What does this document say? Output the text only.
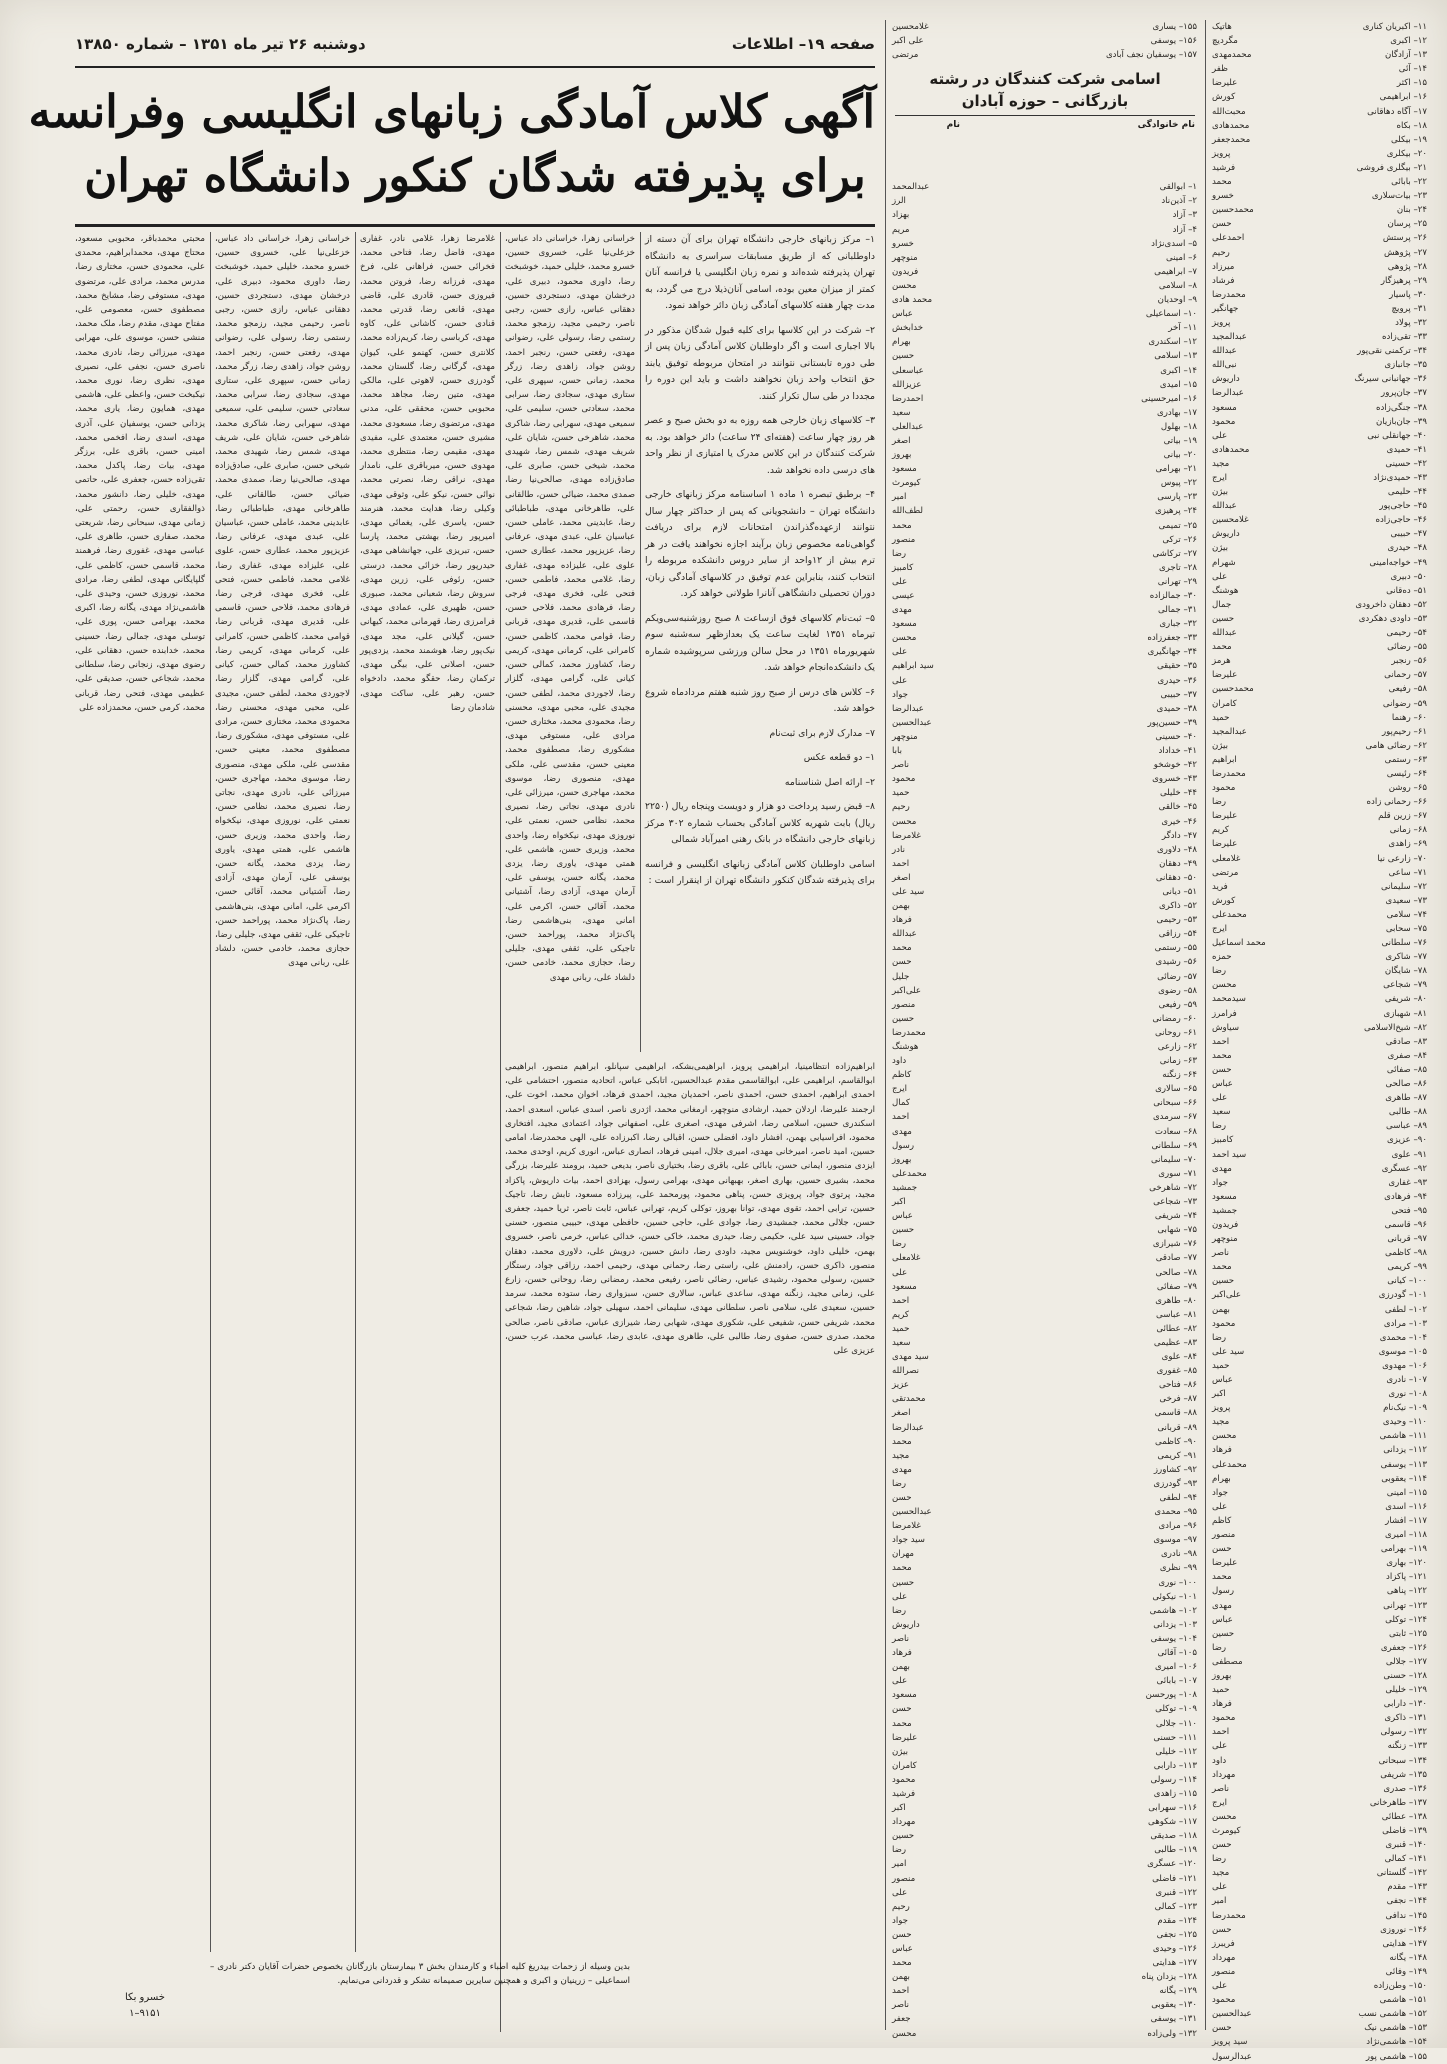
صفحه ۱۹– اطلاعات
دوشنبه ۲۶ تیر ماه ۱۳۵۱ – شماره ۱۳۸۵۰
آگهی کلاس آمادگی زبانهای انگلیسی وفرانسه
برای پذیرفته شدگان کنکور دانشگاه تهران

۱– مرکز زبانهای خارجی دانشگاه تهران برای آن دسته از داوطلبانی که از طریق مسابقات سراسری به دانشگاه تهران پذیرفته شده‌اند و نمره زبان انگلیسی یا فرانسه آنان کمتر از میزان معین بوده، اسامی آنان‌ذیلا درج می گردد، به مدت چهار هفته کلاسهای آمادگی زبان دائر خواهد نمود.

۲– شرکت در این کلاسها برای کلیه قبول شدگان مذکور در بالا اجباری است و اگر داوطلبان کلاس آمادگی زبان پس از طی دوره تابستانی نتوانند در امتحان مربوطه توفیق یابند حق انتخاب واحد زبان نخواهند داشت و باید این دوره را مجددا در طی سال تکرار کنند.

۳– کلاسهای زبان خارجی همه روزه به دو بخش صبح و عصر هر روز چهار ساعت (هفته‌ای ۲۴ ساعت) دائر خواهد بود. به شرکت کنندگان در این کلاس مدرک یا امتیازی از نظر واحد های درسی داده نخواهد شد.

۴– برطبق تبصره ۱ ماده ۱ اساسنامه مرکز زبانهای خارجی دانشگاه تهران – دانشجویانی که پس از حداکثر چهار سال نتوانند ازعهده‌گذراندن امتحانات لازم برای دریافت گواهی‌نامه مخصوص زبان برآیند اجازه نخواهند یافت در هر ترم بیش از ۱۲واحد از سایر دروس دانشکده مربوطه را انتخاب کنند، بنابراین عدم توفیق در کلاسهای آمادگی زبان، دوران تحصیلی دانشگاهی آنانرا طولانی خواهد کرد.

۵– ثبت‌نام کلاسهای فوق ازساعت ۸ صبح روزشنبه‌سی‌ویکم تیرماه ۱۳۵۱ لغایت ساعت یک بعدازظهر سه‌شنبه سوم شهریورماه ۱۳۵۱ در محل سالن ورزشی سرپوشیده شماره یک دانشکده‌انجام خواهد شد.

۶– کلاس های درس از صبح روز شنبه هفتم مردادماه شروع خواهد شد.

۷– مدارک لازم برای ثبت‌نام

۱– دو قطعه عکس

۲– ارائه اصل شناسنامه

۸– قبض رسید پرداخت دو هزار و دویست وپنجاه ریال (۲۲۵۰ ریال) بابت شهریه کلاس آمادگی بحساب شماره ۳۰۲ مرکز زبانهای خارجی دانشگاه در بانک رهنی امیرآباد شمالی

اسامی داوطلبان کلاس آمادگی زبانهای انگلیسی و فرانسه برای پذیرفته شدگان کنکور دانشگاه تهران از اینقرار است :

خراسانی زهرا، خراسانی داد عباس، خزعلی‌نیا علی، خسروی حسین، خسرو محمد، خلیلی حمید، خوشبخت رضا، داوری محمود، دبیری علی، درخشان مهدی، دستجردی حسین، دهقانی عباس، رازی حسن، رجبی ناصر، رحیمی مجید، رزمجو محمد، رستمی رضا، رسولی علی، رضوانی مهدی، رفعتی حسن، رنجبر احمد، روشن جواد، زاهدی رضا، زرگر محمد، زمانی حسن، سپهری علی، ستاری مهدی، سجادی رضا، سرابی محمد، سعادتی حسن، سلیمی علی، سمیعی مهدی، سهرابی رضا، شاکری محمد، شاهرخی حسن، شایان علی، شریف مهدی، شمس رضا، شهیدی محمد، شیخی حسن، صابری علی، صادق‌زاده مهدی، صالحی‌نیا رضا، صمدی محمد، ضیائی حسن، طالقانی علی، طاهرخانی مهدی، طباطبائی رضا، عابدینی محمد، عاملی حسن، عباسیان علی، عبدی مهدی، عرفانی رضا، عزیزپور محمد، عطاری حسن، علوی علی، علیزاده مهدی، غفاری رضا، غلامی محمد، فاطمی حسن، فتحی علی، فخری مهدی، فرجی رضا، فرهادی محمد، فلاحی حسن، قاسمی علی، قدیری مهدی، قربانی رضا، قوامی محمد، کاظمی حسن، کامرانی علی، کرمانی مهدی، کریمی رضا، کشاورز محمد، کمالی حسن، کیانی علی، گرامی مهدی، گلزار رضا، لاجوردی محمد، لطفی حسن، مجیدی علی، محبی مهدی، محسنی رضا، محمودی محمد، مختاری حسن، مرادی علی، مستوفی مهدی، مشکوری رضا، مصطفوی محمد، معینی حسن، مقدسی علی، ملکی مهدی، منصوری رضا، موسوی محمد، مهاجری حسن، میرزائی علی، نادری مهدی، نجاتی رضا، نصیری محمد، نظامی حسن، نعمتی علی، نوروزی مهدی، نیکخواه رضا، واحدی محمد، وزیری حسن، هاشمی علی، همتی مهدی، یاوری رضا، یزدی محمد، یگانه حسن، یوسفی علی، آرمان مهدی، آزادی رضا، آشتیانی محمد، آقائی حسن، اکرمی علی، امانی مهدی، بنی‌هاشمی رضا، پاک‌نژاد محمد، پوراحمد حسن، تاجیکی علی، ثقفی مهدی، جلیلی رضا، حجازی محمد، خادمی حسن، دلشاد علی، ربانی مهدی

غلامرضا زهرا، غلامی نادر، غفاری مهدی، فاضل رضا، فتاحی محمد، فخرائی حسن، فراهانی علی، فرخ مهدی، فرزانه رضا، فروتن محمد، فیروزی حسن، قادری علی، قاضی مهدی، قانعی رضا، قدرتی محمد، قنادی حسن، کاشانی علی، کاوه مهدی، کرباسی رضا، کریم‌زاده محمد، کلانتری حسن، کهنمو علی، کیوان مهدی، گرگانی رضا، گلستان محمد، گودرزی حسن، لاهوتی علی، مالکی مهدی، متین رضا، مجاهد محمد، محبوبی حسن، محققی علی، مدنی مهدی، مرتضوی رضا، مسعودی محمد، مشیری حسن، معتمدی علی، مفیدی مهدی، مقیمی رضا، منتظری محمد، مهدوی حسن، میرباقری علی، نامدار مهدی، نراقی رضا، نصرتی محمد، نوائی حسن، نیکو علی، وثوقی مهدی، وکیلی رضا، هدایت محمد، هنرمند حسن، یاسری علی، یغمائی مهدی، امیرپور رضا، بهشتی محمد، پارسا حسن، تبریزی علی، جهانشاهی مهدی، حیدرپور رضا، خزائی محمد، درستی حسن، رئوفی علی، زرین مهدی، سروش رضا، شعبانی محمد، صبوری حسن، ظهیری علی، عمادی مهدی، فرامرزی رضا، قهرمانی محمد، کیهانی حسن، گیلانی علی، مجد مهدی، نیک‌پور رضا، هوشمند محمد، یزدی‌پور حسن، اصلانی علی، بیگی مهدی، ترکمان رضا، حقگو محمد، دادخواه حسن، رهبر علی، ساکت مهدی، شادمان رضا

خراسانی زهرا، خراسانی داد عباس، خزعلی‌نیا علی، خسروی حسین، خسرو محمد، خلیلی حمید، خوشبخت رضا، داوری محمود، دبیری علی، درخشان مهدی، دستجردی حسین، دهقانی عباس، رازی حسن، رجبی ناصر، رحیمی مجید، رزمجو محمد، رستمی رضا، رسولی علی، رضوانی مهدی، رفعتی حسن، رنجبر احمد، روشن جواد، زاهدی رضا، زرگر محمد، زمانی حسن، سپهری علی، ستاری مهدی، سجادی رضا، سرابی محمد، سعادتی حسن، سلیمی علی، سمیعی مهدی، سهرابی رضا، شاکری محمد، شاهرخی حسن، شایان علی، شریف مهدی، شمس رضا، شهیدی محمد، شیخی حسن، صابری علی، صادق‌زاده مهدی، صالحی‌نیا رضا، صمدی محمد، ضیائی حسن، طالقانی علی، طاهرخانی مهدی، طباطبائی رضا، عابدینی محمد، عاملی حسن، عباسیان علی، عبدی مهدی، عرفانی رضا، عزیزپور محمد، عطاری حسن، علوی علی، علیزاده مهدی، غفاری رضا، غلامی محمد، فاطمی حسن، فتحی علی، فخری مهدی، فرجی رضا، فرهادی محمد، فلاحی حسن، قاسمی علی، قدیری مهدی، قربانی رضا، قوامی محمد، کاظمی حسن، کامرانی علی، کرمانی مهدی، کریمی رضا، کشاورز محمد، کمالی حسن، کیانی علی، گرامی مهدی، گلزار رضا، لاجوردی محمد، لطفی حسن، مجیدی علی، محبی مهدی، محسنی رضا، محمودی محمد، مختاری حسن، مرادی علی، مستوفی مهدی، مشکوری رضا، مصطفوی محمد، معینی حسن، مقدسی علی، ملکی مهدی، منصوری رضا، موسوی محمد، مهاجری حسن، میرزائی علی، نادری مهدی، نجاتی رضا، نصیری محمد، نظامی حسن، نعمتی علی، نوروزی مهدی، نیکخواه رضا، واحدی محمد، وزیری حسن، هاشمی علی، همتی مهدی، یاوری رضا، یزدی محمد، یگانه حسن، یوسفی علی، آرمان مهدی، آزادی رضا، آشتیانی محمد، آقائی حسن، اکرمی علی، امانی مهدی، بنی‌هاشمی رضا، پاک‌نژاد محمد، پوراحمد حسن، تاجیکی علی، ثقفی مهدی، جلیلی رضا، حجازی محمد، خادمی حسن، دلشاد علی، ربانی مهدی

محبتی محمدباقر، محبوبی مسعود، محتاج مهدی، محمدابراهیم، محمدی علی، محمودی حسن، مختاری رضا، مدرس محمد، مرادی علی، مرتضوی مهدی، مستوفی رضا، مشایخ محمد، مصطفوی حسن، معصومی علی، مفتاح مهدی، مقدم رضا، ملک محمد، منشی حسن، موسوی علی، مهرابی مهدی، میرزائی رضا، نادری محمد، ناصری حسن، نجفی علی، نصیری مهدی، نظری رضا، نوری محمد، نیکبخت حسن، واعظی علی، هاشمی مهدی، همایون رضا، یاری محمد، یزدانی حسن، یوسفیان علی، آذری مهدی، اسدی رضا، افخمی محمد، امینی حسن، باقری علی، برزگر مهدی، بیات رضا، پاکدل محمد، تقی‌زاده حسن، جعفری علی، حاتمی مهدی، خلیلی رضا، دانشور محمد، ذوالفقاری حسن، رحمتی علی، زمانی مهدی، سبحانی رضا، شریعتی محمد، صفاری حسن، طاهری علی، عباسی مهدی، غفوری رضا، فرهمند محمد، قاسمی حسن، کاظمی علی، گلپایگانی مهدی، لطفی رضا، مرادی محمد، نوروزی حسن، وحیدی علی، هاشمی‌نژاد مهدی، یگانه رضا، اکبری محمد، بهرامی حسن، پوری علی، توسلی مهدی، جمالی رضا، حسینی محمد، خدابنده حسن، دهقانی علی، رضوی مهدی، زنجانی رضا، سلطانی محمد، شجاعی حسن، صدیقی علی، عظیمی مهدی، فتحی رضا، قربانی محمد، کرمی حسن، محمدزاده علی

ابراهیم‌زاده انتظامینیا، ابراهیمی پرویز، ابراهیمی‌بشکه، ابراهیمی سپانلو، ابراهیم منصور، ابراهیمی ابوالقاسم، ابراهیمی علی، ابوالقاسمی مقدم عبدالحسین، اتابکی عباس، اتحادیه منصور، احتشامی علی، احمدی ابراهیم، احمدی حسن، احمدی ناصر، احمدیان مجید، احمدی فرهاد، اخوان محمد، اخوت علی، ارجمند علیرضا، اردلان حمید، ارشادی منوچهر، ارمغانی محمد، اژدری ناصر، اسدی عباس، اسعدی احمد، اسکندری حسین، اسلامی رضا، اشرفی مهدی، اصغری علی، اصفهانی جواد، اعتمادی مجید، افتخاری محمود، افراسیابی بهمن، افشار داود، افضلی حسن، اقبالی رضا، اکبرزاده علی، الهی محمدرضا، امامی حسین، امید ناصر، امیرخانی مهدی، امیری جلال، امینی فرهاد، انصاری عباس، انوری کریم، اوحدی محمد، ایزدی منصور، ایمانی حسن، بابائی علی، باقری رضا، بختیاری ناصر، بدیعی حمید، برومند علیرضا، بزرگی محمد، بشیری حسین، بهاری اصغر، بهبهانی مهدی، بهرامی رسول، بهزادی احمد، بیات داریوش، پاکزاد مجید، پرتوی جواد، پرویزی حسن، پناهی محمود، پورمحمد علی، پیرزاده مسعود، تابش رضا، تاجیک حسین، ترابی احمد، تقوی مهدی، توانا بهروز، توکلی کریم، تهرانی عباس، ثابت ناصر، ثریا حمید، جعفری حسن، جلالی محمد، جمشیدی رضا، جوادی علی، حاجی حسین، حافظی مهدی، حبیبی منصور، حسنی جواد، حسینی سید علی، حکیمی رضا، حیدری محمد، خاکی حسن، خدائی عباس، خرمی ناصر، خسروی بهمن، خلیلی داود، خوشنویس مجید، داودی رضا، دانش حسین، درویش علی، دلاوری محمد، دهقان منصور، ذاکری حسن، رادمنش علی، راستی رضا، رحمانی مهدی، رحیمی احمد، رزاقی جواد، رستگار حسین، رسولی محمود، رشیدی عباس، رضائی ناصر، رفیعی محمد، رمضانی رضا، روحانی حسن، زارع علی، زمانی مجید، زنگنه مهدی، ساعدی عباس، سالاری حسن، سبزواری رضا، ستوده محمد، سرمد حسین، سعیدی علی، سلامی ناصر، سلطانی مهدی، سلیمانی احمد، سهیلی جواد، شاهین رضا، شجاعی محمد، شریفی حسن، شفیعی علی، شکوری مهدی، شهابی رضا، شیرازی عباس، صادقی ناصر، صالحی محمد، صدری حسن، صفوی رضا، طالبی علی، طاهری مهدی، عابدی رضا، عباسی محمد، عرب حسن، عزیزی علی

اسامی شرکت کنندگان در رشته
بازرگانی – حوزه آبادان
نام خانوادگی
نام
۱۱– اکبریان کناری
هاتیک
۱۲– اکبری
مگردیچ
۱۳– آزادگان
محمدمهدی
۱۴– آئی
ظفر
۱۵– اکثر
علیرضا
۱۶– ابراهیمی
کورش
۱۷– آگاه دهاقانی
محبت‌الله
۱۸– بکاه
محمدهادی
۱۹– بیکلی
محمدجعفر
۲۰– بیکلری
پرویز
۲۱– بیگلری فروشی
فرشید
۲۲– بابائی
محمد
۲۳– بیات‌سلاری
خسرو
۲۴– بنان
محمدحسین
۲۵– پرسان
حسن
۲۶– پرستش
احمدعلی
۲۷– پژوهش
رحیم
۲۸– پژوهی
میرزاد
۲۹– پرهیزگار
فرشاد
۳۰– پاسیار
محمدرضا
۳۱– پرویچ
جهانگیر
۳۲– پولاد
پرویز
۳۳– تقی‌زاده
عبدالمجید
۳۴– ترکمنی نقی‌پور
عبدالله
۳۵– جانبازی
نبی‌الله
۳۶– جهانبانی سیرنگ
داریوش
۳۷– جان‌پرور
عبدالرضا
۳۸– جنگی‌زاده
مسعود
۳۹– جان‌بازیان
محمود
۴۰– جهانقلی نبی
علی
۴۱– حمیدی
محمدهادی
۴۲– حسینی
مجید
۴۳– حمیدی‌نژاد
ایرج
۴۴– حلیمی
بیژن
۴۵– حاجی‌پور
عبدالله
۴۶– حاجی‌زاده
غلامحسین
۴۷– حبیبی
داریوش
۴۸– حیدری
بیژن
۴۹– خواجه‌امینی
شهرام
۵۰– دبیری
علی
۵۱– ده‌قانی
هوشنگ
۵۲– دهقان داخرودی
جمال
۵۳– داودی دهکردی
حسین
۵۴– رحیمی
عبدالله
۵۵– رضائی
محمد
۵۶– رنجبر
هرمز
۵۷– رحمانی
علیرضا
۵۸– رفیعی
محمدحسین
۵۹– رضوانی
کامران
۶۰– رهنما
حمید
۶۱– رحیم‌پور
عبدالمجید
۶۲– رضائی هامی
بیژن
۶۳– رستمی
ابراهیم
۶۴– رئیسی
محمدرضا
۶۵– روشن
محمود
۶۶– رحمانی زاده
رضا
۶۷– زرین قلم
علیرضا
۶۸– زمانی
کریم
۶۹– زاهدی
علیرضا
۷۰– زارعی نیا
غلامعلی
۷۱– ساعی
مرتضی
۷۲– سلیمانی
فرید
۷۳– سعیدی
کورش
۷۴– سلامی
محمدعلی
۷۵– سحابی
ایرج
۷۶– سلطانی
محمد اسماعیل
۷۷– شاکری
حمزه
۷۸– شایگان
رضا
۷۹– شجاعی
محسن
۸۰– شریفی
سیدمحمد
۸۱– شهبازی
فرامرز
۸۲– شیخ‌الاسلامی
سیاوش
۸۳– صادقی
احمد
۸۴– صفری
محمد
۸۵– صفائی
حسن
۸۶– صالحی
عباس
۸۷– طاهری
علی
۸۸– طالبی
سعید
۸۹– عباسی
رضا
۹۰– عزیزی
کامبیز
۹۱– علوی
سید احمد
۹۲– عسگری
مهدی
۹۳– غفاری
جواد
۹۴– فرهادی
مسعود
۹۵– فتحی
جمشید
۹۶– قاسمی
فریدون
۹۷– قربانی
منوچهر
۹۸– کاظمی
ناصر
۹۹– کریمی
محمد
۱۰۰– کیانی
حسین
۱۰۱– گودرزی
علی‌اکبر
۱۰۲– لطفی
بهمن
۱۰۳– مرادی
محمود
۱۰۴– محمدی
رضا
۱۰۵– موسوی
سید علی
۱۰۶– مهدوی
حمید
۱۰۷– نادری
عباس
۱۰۸– نوری
اکبر
۱۰۹– نیک‌نام
پرویز
۱۱۰– وحیدی
مجید
۱۱۱– هاشمی
محسن
۱۱۲– یزدانی
فرهاد
۱۱۳– یوسفی
محمدعلی
۱۱۴– یعقوبی
بهرام
۱۱۵– امینی
جواد
۱۱۶– اسدی
علی
۱۱۷– افشار
کاظم
۱۱۸– امیری
منصور
۱۱۹– بهرامی
حسن
۱۲۰– بهاری
علیرضا
۱۲۱– پاکزاد
محمد
۱۲۲– پناهی
رسول
۱۲۳– تهرانی
مهدی
۱۲۴– توکلی
عباس
۱۲۵– ثابتی
حسین
۱۲۶– جعفری
رضا
۱۲۷– جلالی
مصطفی
۱۲۸– حسنی
بهروز
۱۲۹– خلیلی
حمید
۱۳۰– دارابی
فرهاد
۱۳۱– ذاکری
محمود
۱۳۲– رسولی
احمد
۱۳۳– زنگنه
علی
۱۳۴– سبحانی
داود
۱۳۵– شریفی
مهرداد
۱۳۶– صدری
ناصر
۱۳۷– طاهرخانی
ایرج
۱۳۸– عطائی
محسن
۱۳۹– فاضلی
کیومرث
۱۴۰– قنبری
حسن
۱۴۱– کمالی
رضا
۱۴۲– گلستانی
مجید
۱۴۳– مقدم
علی
۱۴۴– نجفی
امیر
۱۴۵– ندافی
محمدرضا
۱۴۶– نوروزی
حسن
۱۴۷– هدایتی
فریبرز
۱۴۸– یگانه
مهرداد
۱۴۹– وفائی
منصور
۱۵۰– وطن‌زاده
علی
۱۵۱– هاشمی
محمود
۱۵۲– هاشمی نسب
عبدالحسین
۱۵۳– هاشمی نیک
حسن
۱۵۴– هاشمی‌نژاد
سید پرویز
۱۵۵– هاشمی پور
عبدالرسول
۱۵۵– یساری
غلامحسین
۱۵۶– یوسفی
علی اکبر
۱۵۷– یوسفیان نجف آبادی
مرتضی
۱– ابوالقی
عبدالمحمد
۲– آذین‌ناد
الرز
۳– آزاد
بهزاد
۴– آزاد
مریم
۵– اسدی‌نژاد
خسرو
۶– امینی
منوچهر
۷– ابراهیمی
فریدون
۸– اسلامی
محسن
۹– اوحدیان
محمد هادی
۱۰– اسماعیلی
عباس
۱۱– آخر
خدابخش
۱۲– اسکندری
بهرام
۱۳– اسلامی
حسین
۱۴– اکبری
عباسعلی
۱۵– امیدی
عزیزالله
۱۶– امیرحسینی
احمدرضا
۱۷– بهادری
سعید
۱۸– بهلول
عبدالعلی
۱۹– بیاتی
اصغر
۲۰– بیانی
بهروز
۲۱– بهرامی
مسعود
۲۲– پیوس
کیومرث
۲۳– پارسی
امیر
۲۴– پرهیزی
لطف‌الله
۲۵– تمیمی
محمد
۲۶– ترکی
منصور
۲۷– ترکاشی
رضا
۲۸– تاجری
کامبیز
۲۹– تهرانی
علی
۳۰– جمالزاده
عیسی
۳۱– جمالی
مهدی
۳۲– جباری
مسعود
۳۳– جعفرزاده
محسن
۳۴– جهانگیری
علی
۳۵– حقیقی
سید ابراهیم
۳۶– حیدری
علی
۳۷– حبیبی
جواد
۳۸– حمیدی
عبدالرضا
۳۹– حسین‌پور
عبدالحسین
۴۰– حسینی
منوچهر
۴۱– خداداد
بابا
۴۲– خوشخو
ناصر
۴۳– خسروی
محمود
۴۴– خلیلی
حمید
۴۵– خالقی
رحیم
۴۶– خیری
محسن
۴۷– دادگر
غلامرضا
۴۸– دلاوری
نادر
۴۹– دهقان
احمد
۵۰– دهقانی
اصغر
۵۱– دیانی
سید علی
۵۲– ذاکری
بهمن
۵۳– رحیمی
فرهاد
۵۴– رزاقی
عبدالله
۵۵– رستمی
محمد
۵۶– رشیدی
حسن
۵۷– رضائی
جلیل
۵۸– رضوی
علی‌اکبر
۵۹– رفیعی
منصور
۶۰– رمضانی
حسین
۶۱– روحانی
محمدرضا
۶۲– زارعی
هوشنگ
۶۳– زمانی
داود
۶۴– زنگنه
کاظم
۶۵– سالاری
ایرج
۶۶– سبحانی
کمال
۶۷– سرمدی
احمد
۶۸– سعادت
مهدی
۶۹– سلطانی
رسول
۷۰– سلیمانی
بهروز
۷۱– سوری
محمدعلی
۷۲– شاهرخی
جمشید
۷۳– شجاعی
اکبر
۷۴– شریفی
عباس
۷۵– شهابی
حسین
۷۶– شیرازی
رضا
۷۷– صادقی
غلامعلی
۷۸– صالحی
علی
۷۹– صفائی
مسعود
۸۰– طاهری
احمد
۸۱– عباسی
کریم
۸۲– عطائی
حمید
۸۳– عظیمی
سعید
۸۴– علوی
سید مهدی
۸۵– غفوری
نصرالله
۸۶– فتاحی
عزیز
۸۷– فرخی
محمدتقی
۸۸– قاسمی
اصغر
۸۹– قربانی
عبدالرضا
۹۰– کاظمی
محمد
۹۱– کریمی
مجید
۹۲– کشاورز
مهدی
۹۳– گودرزی
رضا
۹۴– لطفی
حسن
۹۵– محمدی
عبدالحسین
۹۶– مرادی
غلامرضا
۹۷– موسوی
سید جواد
۹۸– نادری
مهران
۹۹– نظری
محمد
۱۰۰– نوری
حسین
۱۰۱– نیکوئی
علی
۱۰۲– هاشمی
رضا
۱۰۳– یزدانی
داریوش
۱۰۴– یوسفی
ناصر
۱۰۵– آقائی
فرهاد
۱۰۶– امیری
بهمن
۱۰۷– بابائی
علی
۱۰۸– پورحسن
مسعود
۱۰۹– توکلی
حسن
۱۱۰– جلالی
محمد
۱۱۱– حسنی
علیرضا
۱۱۲– خلیلی
بیژن
۱۱۳– دارابی
کامران
۱۱۴– رسولی
محمود
۱۱۵– زاهدی
فرشید
۱۱۶– سهرابی
اکبر
۱۱۷– شکوهی
مهرداد
۱۱۸– صدیقی
حسین
۱۱۹– طالبی
رضا
۱۲۰– عسگری
امیر
۱۲۱– فاضلی
منصور
۱۲۲– قنبری
علی
۱۲۳– کمالی
رحیم
۱۲۴– مقدم
جواد
۱۲۵– نجفی
حسن
۱۲۶– وحیدی
عباس
۱۲۷– هدایتی
محمد
۱۲۸– یزدان پناه
بهمن
۱۲۹– یگانه
احمد
۱۳۰– یعقوبی
ناصر
۱۳۱– یوسفی
جعفر
۱۳۲– ولی‌زاده
محسن
بدین وسیله از زحمات بیدریغ کلیه اطباء و کارمندان بخش ۳ بیمارستان بازرگانان بخصوص حضرات آقایان دکتر نادری – اسماعیلی – زرینیان و اکبری و همچنین سایرین صمیمانه تشکر و قدردانی می‌نمایم.
خسرو بکا
۹۱۵۱–۱
